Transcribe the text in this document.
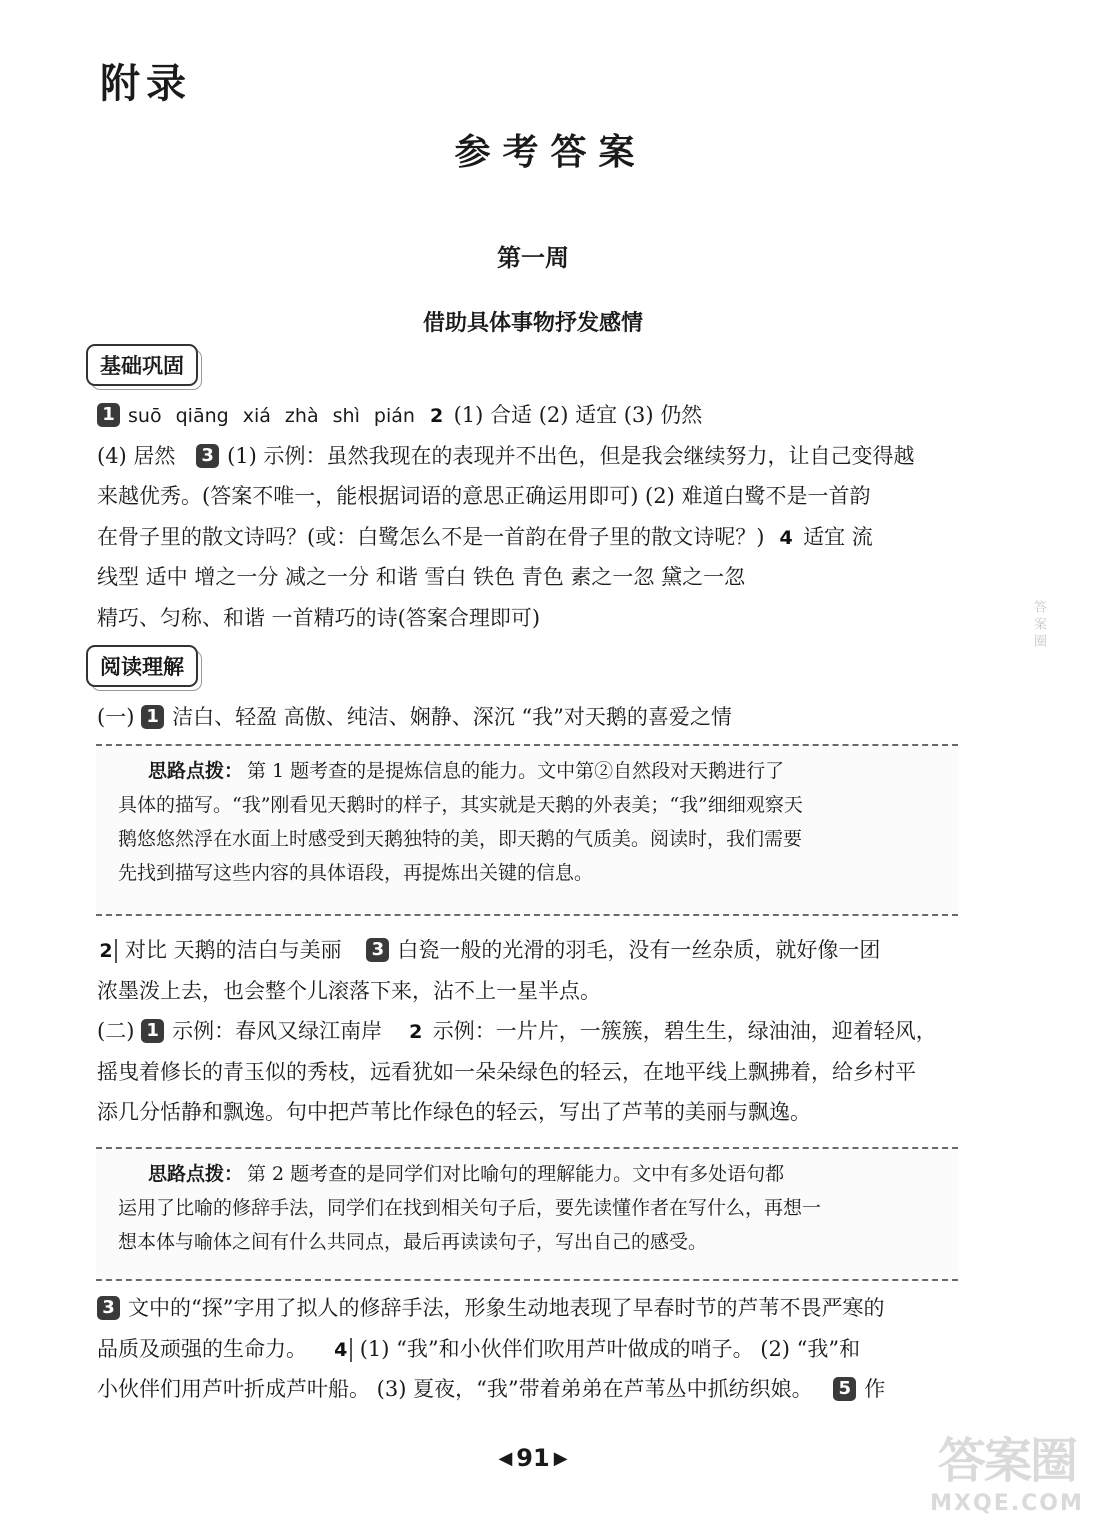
附录
参考答案
第一周
借助具体事物抒发感情
基础巩固
1 suō qiāng xiá zhà shì pián 2 (1) 合适 (2) 适宜 (3) 仍然
(4) 居然 3 (1) 示例：虽然我现在的表现并不出色，但是我会继续努力，让自己变得越
来越优秀。(答案不唯一，能根据词语的意思正确运用即可) (2) 难道白鹭不是一首韵
在骨子里的散文诗吗？(或：白鹭怎么不是一首韵在骨子里的散文诗呢？) 4 适宜 流
线型 适中 增之一分 减之一分 和谐 雪白 铁色 青色 素之一忽 黛之一忽
精巧、匀称、和谐 一首精巧的诗(答案合理即可)
阅读理解
(一) 1 洁白、轻盈 高傲、纯洁、娴静、深沉 “我”对天鹅的喜爱之情
思路点拨： 第 1 题考查的是提炼信息的能力。文中第②自然段对天鹅进行了
具体的描写。“我”刚看见天鹅时的样子，其实就是天鹅的外表美；“我”细细观察天
鹅悠悠然浮在水面上时感受到天鹅独特的美，即天鹅的气质美。阅读时，我们需要
先找到描写这些内容的具体语段，再提炼出关键的信息。
2 对比 天鹅的洁白与美丽 3 白瓷一般的光滑的羽毛，没有一丝杂质，就好像一团
浓墨泼上去，也会整个儿滚落下来，沾不上一星半点。
(二) 1 示例：春风又绿江南岸 2 示例：一片片，一簇簇，碧生生，绿油油，迎着轻风，
摇曳着修长的青玉似的秀枝，远看犹如一朵朵绿色的轻云，在地平线上飘拂着，给乡村平
添几分恬静和飘逸。句中把芦苇比作绿色的轻云，写出了芦苇的美丽与飘逸。
思路点拨： 第 2 题考查的是同学们对比喻句的理解能力。文中有多处语句都
运用了比喻的修辞手法，同学们在找到相关句子后，要先读懂作者在写什么，再想一
想本体与喻体之间有什么共同点，最后再读读句子，写出自己的感受。
3 文中的“探”字用了拟人的修辞手法，形象生动地表现了早春时节的芦苇不畏严寒的
品质及顽强的生命力。 4 (1) “我”和小伙伴们吹用芦叶做成的哨子。 (2) “我”和
小伙伴们用芦叶折成芦叶船。 (3) 夏夜，“我”带着弟弟在芦苇丛中抓纺织娘。 5 作
答案圈
◀ 91 ▶	答案圈
MXQE.COM
